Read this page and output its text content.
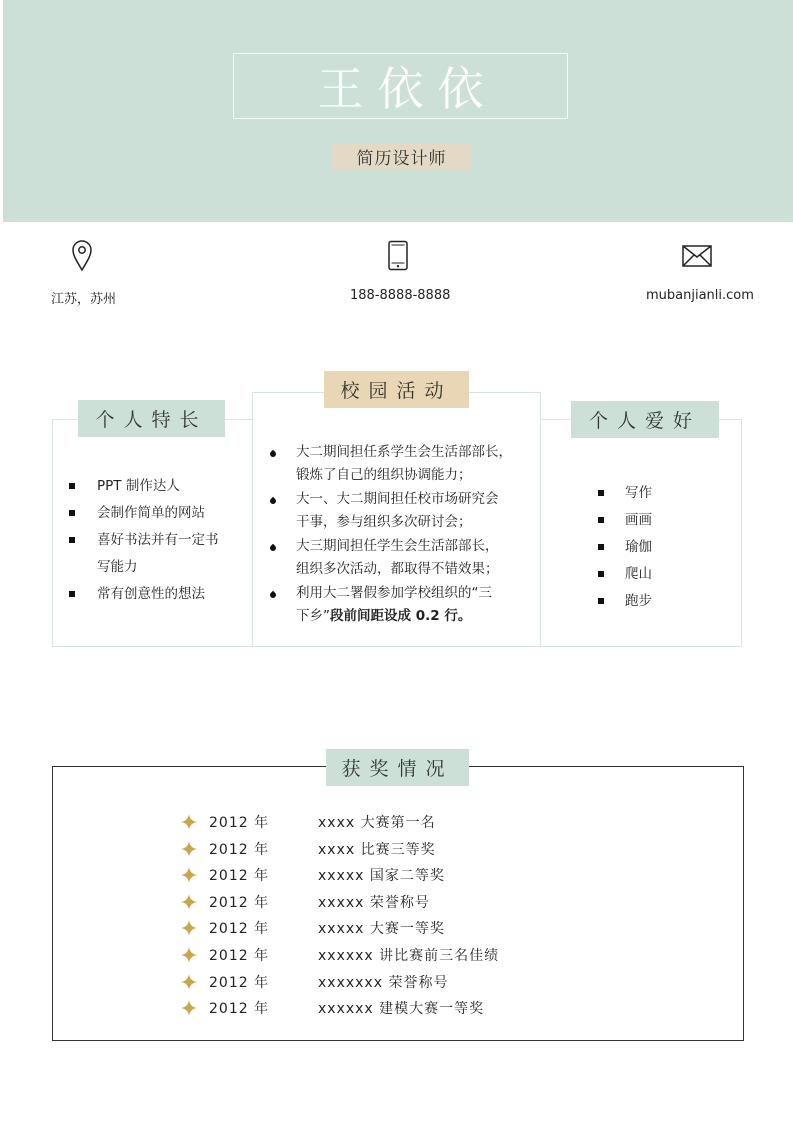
王依依
简历设计师
江苏，苏州	188-8888-8888	mubanjianli.com
PPT 制作达人
会制作简单的网站
喜好书法并有一定书
写能力
常有创意性的想法
大二期间担任系学生会生活部部长，
锻炼了自己的组织协调能力；
大一、大二期间担任校市场研究会
干事，参与组织多次研讨会；
大三期间担任学生会生活部部长，
组织多次活动，都取得不错效果；
利用大二署假参加学校组织的“三
下乡”段前间距设成 0.2 行。
写作
画画
瑜伽
爬山
跑步
个人特长
校园活动
个人爱好
2012 年	xxxx 大赛第一名
2012 年	xxxx 比赛三等奖
2012 年	xxxxx 国家二等奖
2012 年	xxxxx 荣誉称号
2012 年	xxxxx 大赛一等奖
2012 年	xxxxxx 讲比赛前三名佳绩
2012 年	xxxxxxx 荣誉称号
2012 年	xxxxxx 建模大赛一等奖
获奖情况
